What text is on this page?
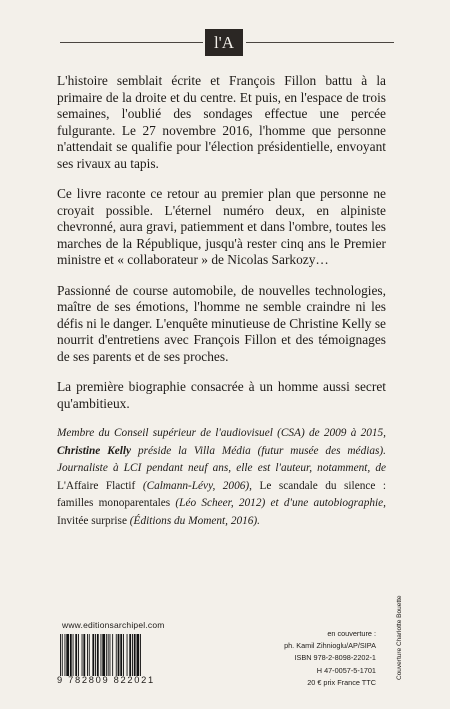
l'A

L'histoire semblait écrite et François Fillon battu à la primaire de la droite et du centre. Et puis, en l'espace de trois semaines, l'oublié des sondages effectue une percée fulgurante. Le 27 novembre 2016, l'homme que personne n'attendait se qualifie pour l'élection présidentielle, envoyant ses rivaux au tapis.

Ce livre raconte ce retour au premier plan que personne ne croyait possible. L'éternel numéro deux, en alpiniste chevronné, aura gravi, patiemment et dans l'ombre, toutes les marches de la République, jusqu'à rester cinq ans le Premier ministre et « collaborateur » de Nicolas Sarkozy…

Passionné de course automobile, de nouvelles technologies, maître de ses émotions, l'homme ne semble craindre ni les défis ni le danger. L'enquête minutieuse de Christine Kelly se nourrit d'entretiens avec François Fillon et des témoignages de ses parents et de ses proches.

La première biographie consacrée à un homme aussi secret qu'ambitieux.

Membre du Conseil supérieur de l'audiovisuel (CSA) de 2009 à 2015, Christine Kelly préside la Villa Média (futur musée des médias). Journaliste à LCI pendant neuf ans, elle est l'auteur, notamment, de L'Affaire Flactif (Calmann-Lévy, 2006), Le scandale du silence : familles monoparentales (Léo Scheer, 2012) et d'une autobiographie, Invitée surprise (Éditions du Moment, 2016).

www.editionsarchipel.com
9 782809 822021
en couverture :
ph. Kamil Zihnioglu/AP/SIPA
ISBN 978-2-8098-2202-1
H 47-0057-5-1701
20 € prix France TTC
Couverture Charlotte Bouette
